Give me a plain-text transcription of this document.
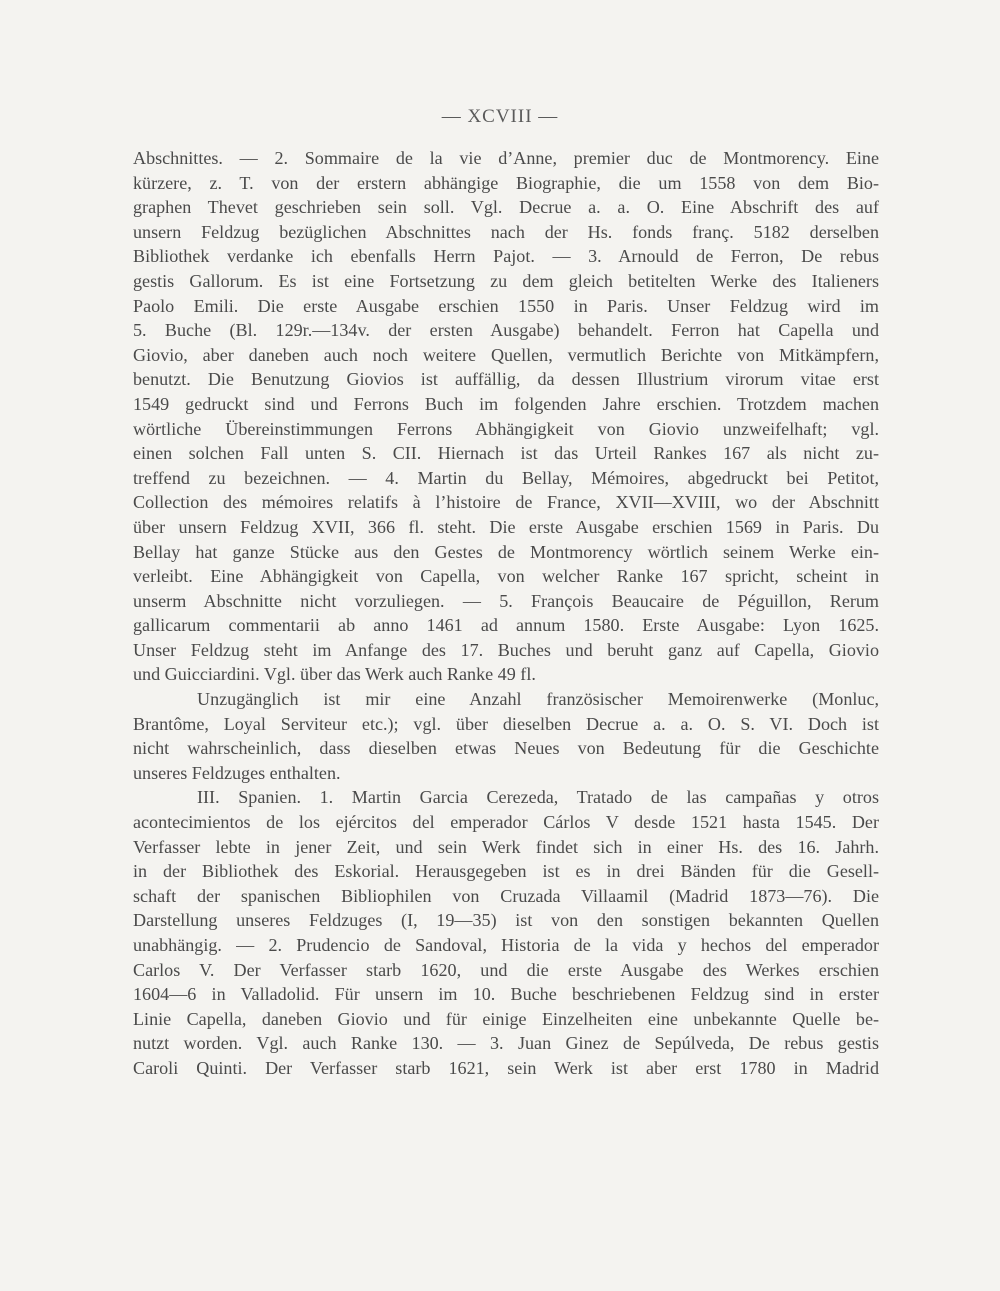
— XCVIII —
Abschnittes. — 2. Sommaire de la vie d’Anne, premier duc de Montmorency. Eine
kürzere, z. T. von der erstern abhängige Biographie, die um 1558 von dem Bio-
graphen Thevet geschrieben sein soll. Vgl. Decrue a. a. O. Eine Abschrift des auf
unsern Feldzug bezüglichen Abschnittes nach der Hs. fonds franç. 5182 derselben
Bibliothek verdanke ich ebenfalls Herrn Pajot. — 3. Arnould de Ferron, De rebus
gestis Gallorum. Es ist eine Fortsetzung zu dem gleich betitelten Werke des Italieners
Paolo Emili. Die erste Ausgabe erschien 1550 in Paris. Unser Feldzug wird im
5. Buche (Bl. 129r.—134v. der ersten Ausgabe) behandelt. Ferron hat Capella und
Giovio, aber daneben auch noch weitere Quellen, vermutlich Berichte von Mitkämpfern,
benutzt. Die Benutzung Giovios ist auffällig, da dessen Illustrium virorum vitae erst
1549 gedruckt sind und Ferrons Buch im folgenden Jahre erschien. Trotzdem machen
wörtliche Übereinstimmungen Ferrons Abhängigkeit von Giovio unzweifelhaft; vgl.
einen solchen Fall unten S. CII. Hiernach ist das Urteil Rankes 167 als nicht zu-
treffend zu bezeichnen. — 4. Martin du Bellay, Mémoires, abgedruckt bei Petitot,
Collection des mémoires relatifs à l’histoire de France, XVII—XVIII, wo der Abschnitt
über unsern Feldzug XVII, 366 fl. steht. Die erste Ausgabe erschien 1569 in Paris. Du
Bellay hat ganze Stücke aus den Gestes de Montmorency wörtlich seinem Werke ein-
verleibt. Eine Abhängigkeit von Capella, von welcher Ranke 167 spricht, scheint in
unserm Abschnitte nicht vorzuliegen. — 5. François Beaucaire de Péguillon, Rerum
gallicarum commentarii ab anno 1461 ad annum 1580. Erste Ausgabe: Lyon 1625.
Unser Feldzug steht im Anfange des 17. Buches und beruht ganz auf Capella, Giovio
und Guicciardini. Vgl. über das Werk auch Ranke 49 fl.
Unzugänglich ist mir eine Anzahl französischer Memoirenwerke (Monluc,
Brantôme, Loyal Serviteur etc.); vgl. über dieselben Decrue a. a. O. S. VI. Doch ist
nicht wahrscheinlich, dass dieselben etwas Neues von Bedeutung für die Geschichte
unseres Feldzuges enthalten.
III. Spanien. 1. Martin Garcia Cerezeda, Tratado de las campañas y otros
acontecimientos de los ejércitos del emperador Cárlos V desde 1521 hasta 1545. Der
Verfasser lebte in jener Zeit, und sein Werk findet sich in einer Hs. des 16. Jahrh.
in der Bibliothek des Eskorial. Herausgegeben ist es in drei Bänden für die Gesell-
schaft der spanischen Bibliophilen von Cruzada Villaamil (Madrid 1873—76). Die
Darstellung unseres Feldzuges (I, 19—35) ist von den sonstigen bekannten Quellen
unabhängig. — 2. Prudencio de Sandoval, Historia de la vida y hechos del emperador
Carlos V. Der Verfasser starb 1620, und die erste Ausgabe des Werkes erschien
1604—6 in Valladolid. Für unsern im 10. Buche beschriebenen Feldzug sind in erster
Linie Capella, daneben Giovio und für einige Einzelheiten eine unbekannte Quelle be-
nutzt worden. Vgl. auch Ranke 130. — 3. Juan Ginez de Sepúlveda, De rebus gestis
Caroli Quinti. Der Verfasser starb 1621, sein Werk ist aber erst 1780 in Madrid
